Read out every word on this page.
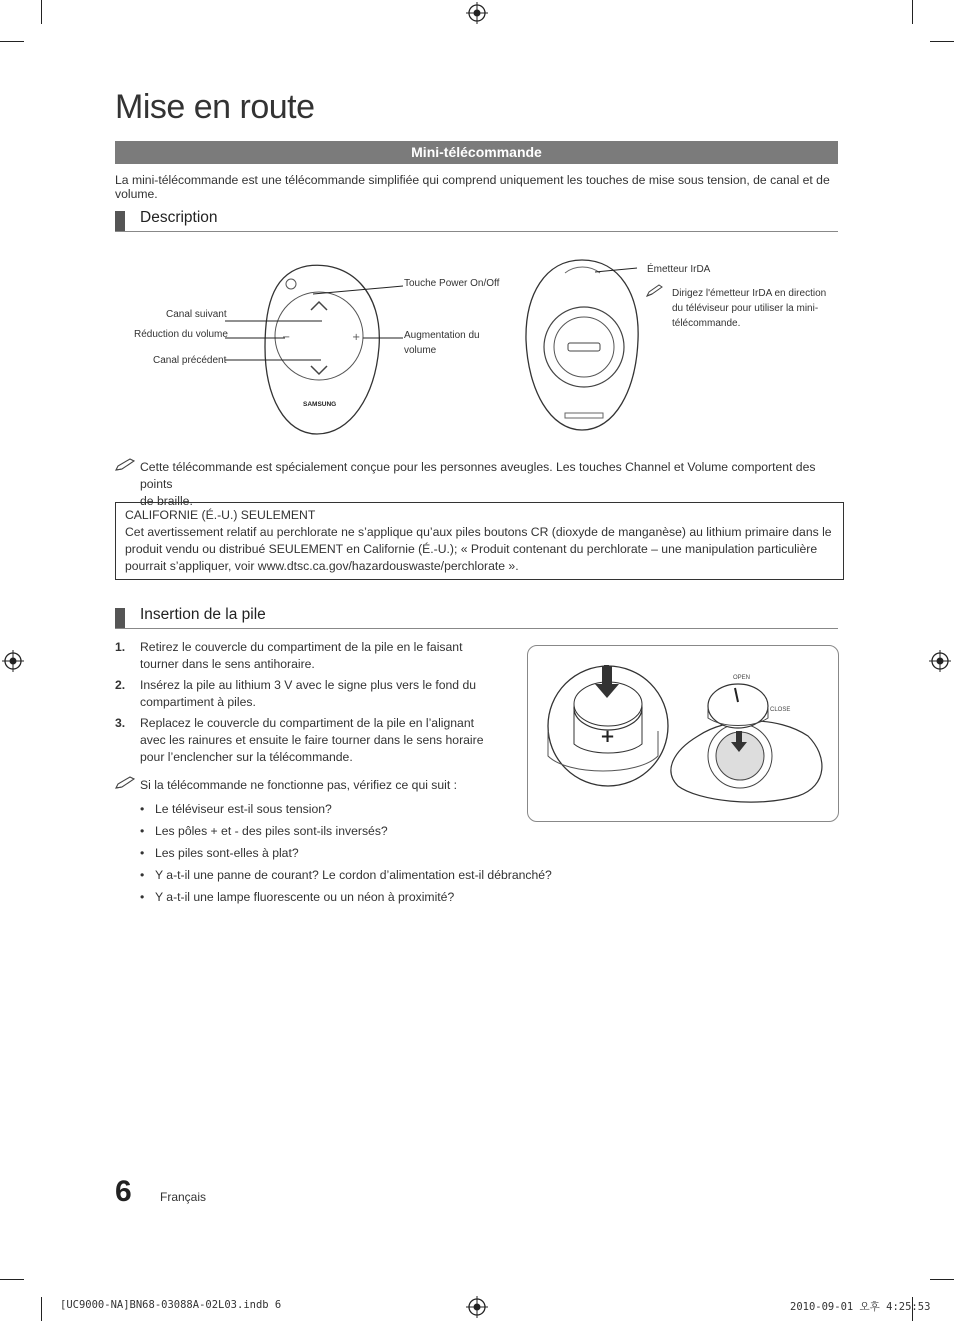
Mise en route
Mini-télécommande
La mini-télécommande est une télécommande simplifiée qui comprend uniquement les touches de mise sous tension, de canal et de volume.
Description
−	+
SAMSUNG
Canal suivant
Réduction du volume
Canal précédent
Touche Power On/Off
Augmentation du
volume
Émetteur IrDA
Dirigez l'émetteur IrDA en direction
du téléviseur pour utiliser la mini-
télécommande.
Cette télécommande est spécialement conçue pour les personnes aveugles. Les touches Channel et Volume comportent des points
de braille.
CALIFORNIE (É.-U.) SEULEMENT
Cet avertissement relatif au perchlorate ne s’applique qu’aux piles boutons CR (dioxyde de manganèse) au lithium primaire dans le produit vendu ou distribué SEULEMENT en Californie (É.-U.); « Produit contenant du perchlorate – une manipulation particulière pourrait s’appliquer, voir www.dtsc.ca.gov/hazardouswaste/perchlorate ».
Insertion de la pile
1. Retirez le couvercle du compartiment de la pile en le faisant tourner dans le sens antihoraire.
2. Insérez la pile au lithium 3 V avec le signe plus vers le fond du compartiment à piles.
3. Replacez le couvercle du compartiment de la pile en l’alignant avec les rainures et ensuite le faire tourner dans le sens horaire pour l’enclencher sur la télécommande.
Si la télécommande ne fonctionne pas, vérifiez ce qui suit :
• Le téléviseur est-il sous tension?
• Les pôles + et - des piles sont-ils inversés?
• Les piles sont-elles à plat?
• Y a-t-il une panne de courant? Le cordon d’alimentation est-il débranché?
• Y a-t-il une lampe fluorescente ou un néon à proximité?
+
−
OPEN
CLOSE
6 Français
[UC9000-NA]BN68-03088A-02L03.indb 6	2010-09-01 오후 4:25:53
